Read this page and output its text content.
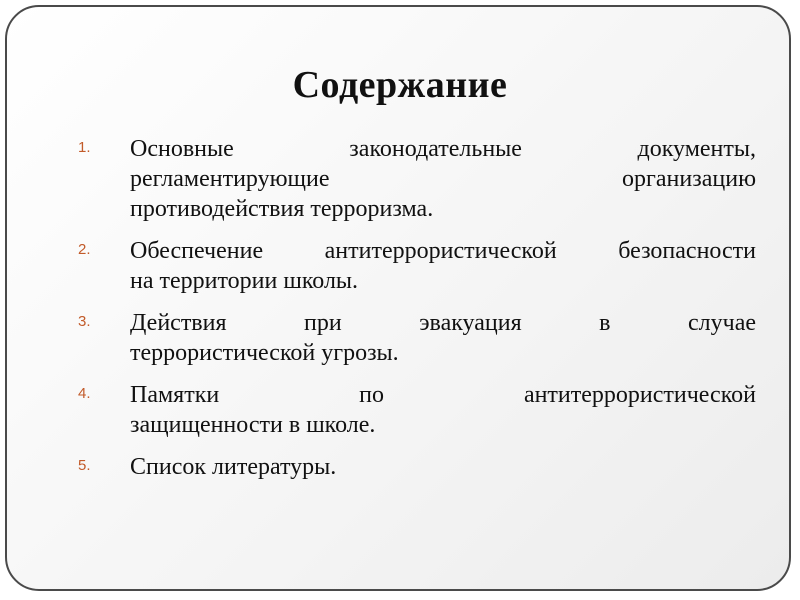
Содержание
1. Основные законодательные документы,
регламентирующие организацию
противодействия терроризма.
2. Обеспечение антитеррористической безопасности
на территории школы.
3. Действия при эвакуация в случае
террористической угрозы.
4. Памятки по антитеррористической
защищенности в школе.
5. Список литературы.
